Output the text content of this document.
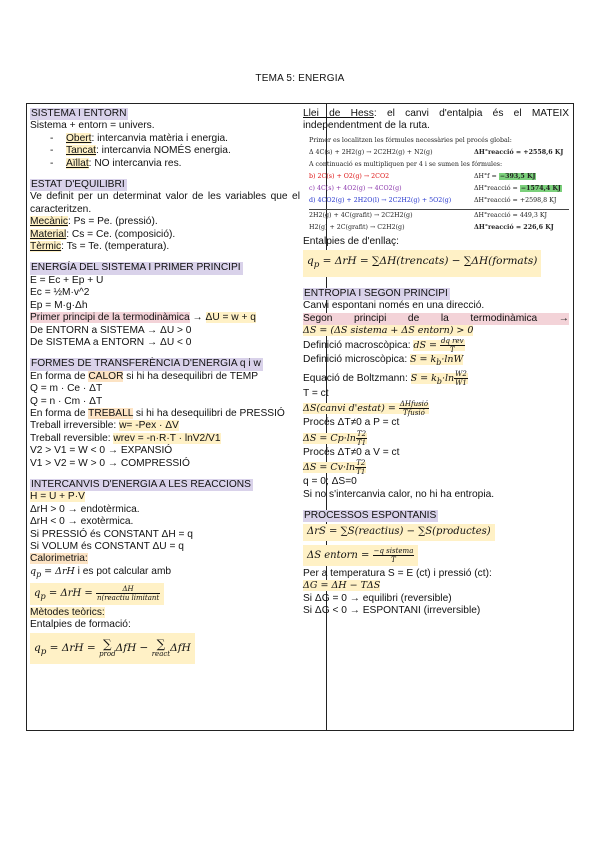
TEMA 5: ENERGIA
SISTEMA I ENTORN
Sistema + entorn = univers.
- Obert: intercanvia matèria i energia.
- Tancat: intercanvia NOMÉS energia.
- Aïllat: NO intercanvia res.
ESTAT D'EQUILIBRI
Ve definit per un determinat valor de les variables que el caracteritzen.
Mecànic: Ps = Pe. (pressió).
Material: Cs = Ce. (composició).
Tèrmic: Ts = Te. (temperatura).
ENERGÍA DEL SISTEMA I PRIMER PRINCIPI
E = Ec + Ep + U
Ec = ½M·v^2
Ep = M·g·Δh
Primer principi de la termodinàmica → ΔU = w + q
De ENTORN a SISTEMA → ΔU > 0
De SISTEMA a ENTORN → ΔU < 0
FORMES DE TRANSFERÈNCIA D'ENERGIA q i w
En forma de CALOR si hi ha desequilibri de TEMP
Q = m · Ce · ΔT
Q = n · Cm · ΔT
En forma de TREBALL si hi ha desequilibri de PRESSIÓ
Treball irreversible: w= -Pex · ΔV
Treball reversible: wrev = -n·R·T · lnV2/V1
V2 > V1 = W < 0 → EXPANSIÓ
V1 > V2 = W > 0 → COMPRESSIÓ
INTERCANVIS D'ENERGIA A LES REACCIONS
H = U + P·V
ΔrH > 0 → endotèrmica.
ΔrH < 0 → exotèrmica.
Si PRESSIÓ és CONSTANT ΔH = q
Si VOLUM és CONSTANT ΔU = q
Calorimetria:
$q_p = \Delta rH$ i es pot calcular amb
$q_p = \Delta rH = \frac{\Delta H}{\text{n(reactiu limitant}}$
Mètodes teòrics:
Entalpies de formació:
$q_p = \Delta rH$ = ∑
prodΔfH − ∑
reactΔfH
Llei de Hess: el canvi d'entalpia és el MATEIX independentment de la ruta.
Primer es localitzen les fórmules necessàries pel procés global:
Δ 4C(s) + 2H2(g) → 2C2H2(g) + N2(g)	ΔH°reacció = +2558,6 KJ
A continuació es multipliquen per 4 i se sumen les fórmules:
b) 2C(s) + O2(g) → 2CO2	ΔH°f = −393,5 KJ
c) 4C(s) + 4O2(g) → 4CO2(g)	ΔH°reacció = −1574,4 KJ
d) 4CO2(g) + 2H2O(l) → 2C2H2(g) + 5O2(g)	ΔH°reacció = +2598,8 KJ
2H2(g) + 4C(grafit) → 2C2H2(g)	ΔH°reacció = 449,3 KJ
H2(g) + 2C(grafit) → C2H2(g)	ΔH°reacció = 226,6 KJ
Entalpies de d'enllaç:
$q_p = \Delta rH$ = ∑ΔH(trencats) − ∑ΔH(formats)
ENTROPIA I SEGON PRINCIPI
Canvi espontani només en una direcció.
Segon principi de la termodinàmica →
ΔS = (ΔS sistema + ΔS entorn) > 0
Definició macroscòpica: dS = $\frac{\text{dq rev}}{T}$
Definició microscòpica: $S = k_b\cdot\ln W$
Equació de Boltzmann: $S = k_b\cdot\ln \frac{W2}{W1}$
T = ct
ΔS(canvi d'estat) = $\frac{\text{ΔHfusió}}{\text{Tfusió}}$
Procés ΔT≠0 a P = ct
$\Delta S = Cp\cdot\ln \frac{T2}{T1}$
Procés ΔT≠0 a V = ct
$\Delta S = Cv\cdot\ln \frac{T2}{T1}$
q = 0; ΔS=0
Si no s'intercanvia calor, no hi ha entropia.
PROCESSOS ESPONTANIS
ΔrS = ∑S(reactius) − ∑S(productes)
ΔS entorn = $\frac{\text{−q sistema}}{T}$
Per a temperatura S = E (ct) i pressió (ct):
ΔG = ΔH − TΔS
Si ΔG = 0 → equilibri (reversible)
Si ΔG < 0 → ESPONTANI (irreversible)
